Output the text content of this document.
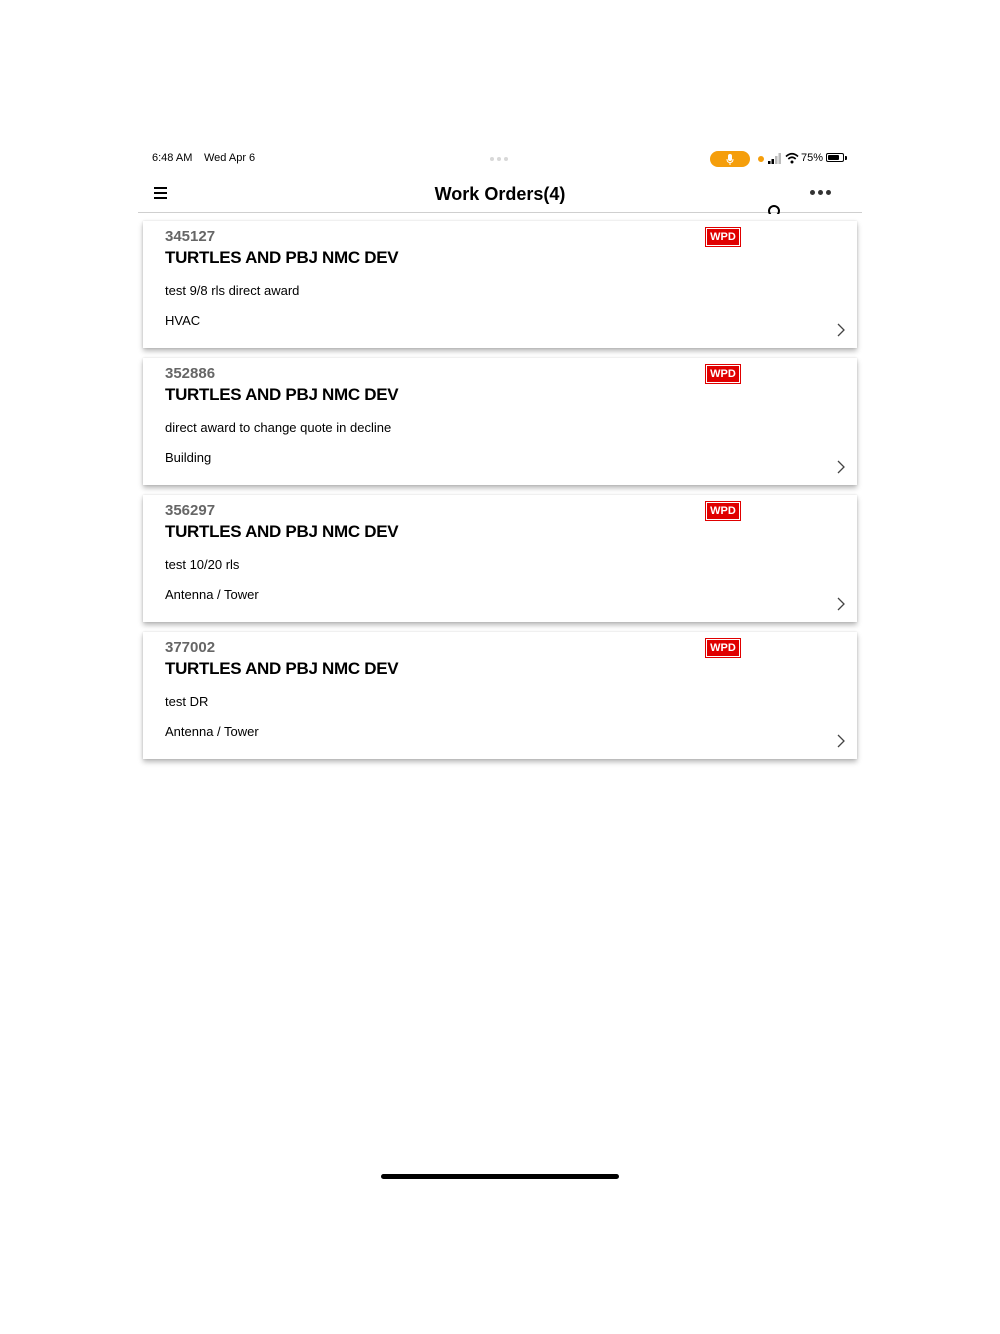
6:48 AM Wed Apr 6	75%
Work Orders(4)
345127
TURTLES AND PBJ NMC DEV
test 9/8 rls direct award
HVAC
WPD
352886
TURTLES AND PBJ NMC DEV
direct award to change quote in decline
Building
WPD
356297
TURTLES AND PBJ NMC DEV
test 10/20 rls
Antenna / Tower
WPD
377002
TURTLES AND PBJ NMC DEV
test DR
Antenna / Tower
WPD
